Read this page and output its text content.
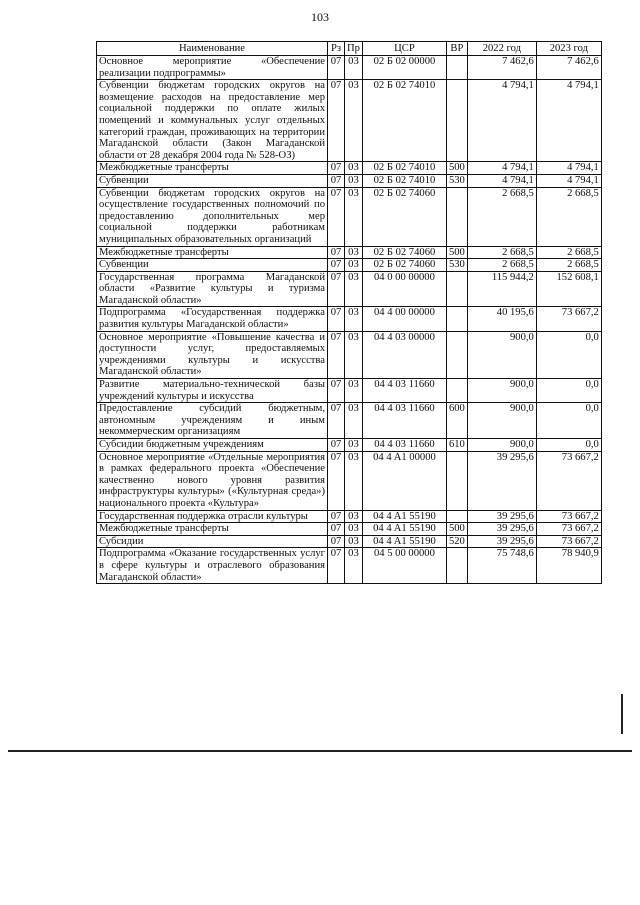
103
Наименование	Рз	Пр	ЦСР	ВР	2022 год	2023 год
Основное мероприятие «Обеспечение реализации подпрограммы»	07	03	02 Б 02 00000		7 462,6	7 462,6
Субвенции бюджетам городских округов на возмещение расходов на предоставление мер социальной поддержки по оплате жилых помещений и коммунальных услуг отдельных категорий граждан, проживающих на территории Магаданской области (Закон Магаданской области от 28 декабря 2004 года № 528-ОЗ)	07	03	02 Б 02 74010		4 794,1	4 794,1
Межбюджетные трансферты	07	03	02 Б 02 74010	500	4 794,1	4 794,1
Субвенции	07	03	02 Б 02 74010	530	4 794,1	4 794,1
Субвенции бюджетам городских округов на осуществление государственных полномочий по предоставлению дополнительных мер социальной поддержки работникам муниципальных образовательных организаций	07	03	02 Б 02 74060		2 668,5	2 668,5
Межбюджетные трансферты	07	03	02 Б 02 74060	500	2 668,5	2 668,5
Субвенции	07	03	02 Б 02 74060	530	2 668,5	2 668,5
Государственная программа Магаданской области «Развитие культуры и туризма Магаданской области»	07	03	04 0 00 00000		115 944,2	152 608,1
Подпрограмма «Государственная поддержка развития культуры Магаданской области»	07	03	04 4 00 00000		40 195,6	73 667,2
Основное мероприятие «Повышение качества и доступности услуг, предоставляемых учреждениями культуры и искусства Магаданской области»	07	03	04 4 03 00000		900,0	0,0
Развитие материально-технической базы учреждений культуры и искусства	07	03	04 4 03 11660		900,0	0,0
Предоставление субсидий бюджетным, автономным учреждениям и иным некоммерческим организациям	07	03	04 4 03 11660	600	900,0	0,0
Субсидии бюджетным учреждениям	07	03	04 4 03 11660	610	900,0	0,0
Основное мероприятие «Отдельные мероприятия в рамках федерального проекта «Обеспечение качественно нового уровня развития инфраструктуры культуры» («Культурная среда») национального проекта «Культура»	07	03	04 4 A1 00000		39 295,6	73 667,2
Государственная поддержка отрасли культуры	07	03	04 4 A1 55190		39 295,6	73 667,2
Межбюджетные трансферты	07	03	04 4 A1 55190	500	39 295,6	73 667,2
Субсидии	07	03	04 4 A1 55190	520	39 295,6	73 667,2
Подпрограмма «Оказание государственных услуг в сфере культуры и отраслевого образования Магаданской области»	07	03	04 5 00 00000		75 748,6	78 940,9
